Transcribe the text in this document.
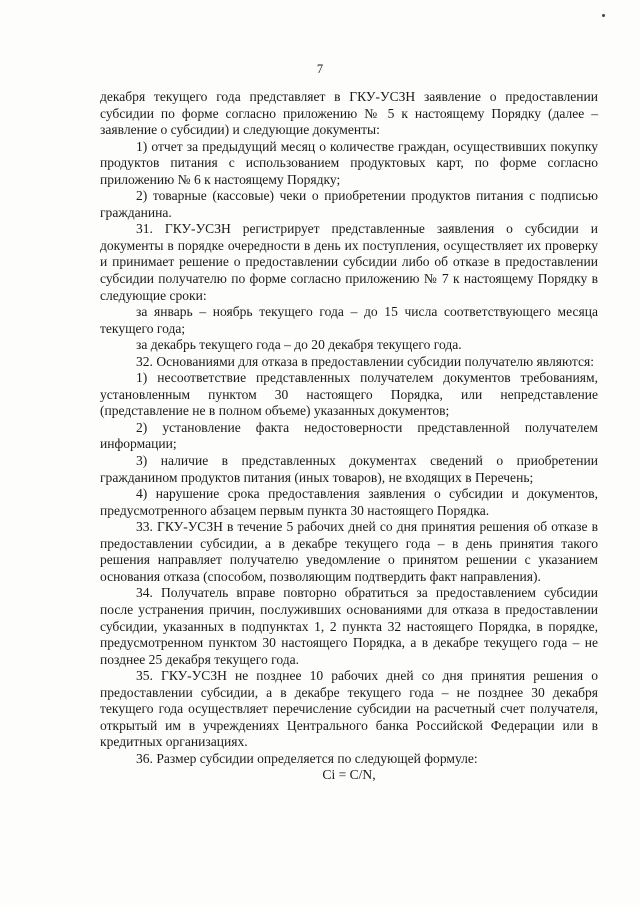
7

декабря текущего года представляет в ГКУ-УСЗН заявление о предоставлении субсидии по форме согласно приложению № 5 к настоящему Порядку (далее – заявление о субсидии) и следующие документы:

1) отчет за предыдущий месяц о количестве граждан, осуществивших покупку продуктов питания с использованием продуктовых карт, по форме согласно приложению № 6 к настоящему Порядку;

2) товарные (кассовые) чеки о приобретении продуктов питания с подписью гражданина.

31. ГКУ-УСЗН регистрирует представленные заявления о субсидии и документы в порядке очередности в день их поступления, осуществляет их проверку и принимает решение о предоставлении субсидии либо об отказе в предоставлении субсидии получателю по форме согласно приложению № 7 к настоящему Порядку в следующие сроки:

за январь – ноябрь текущего года – до 15 числа соответствующего месяца текущего года;

за декабрь текущего года – до 20 декабря текущего года.

32. Основаниями для отказа в предоставлении субсидии получателю являются:

1) несоответствие представленных получателем документов требованиям, установленным пунктом 30 настоящего Порядка, или непредставление (представление не в полном объеме) указанных документов;

2) установление факта недостоверности представленной получателем информации;

3) наличие в представленных документах сведений о приобретении гражданином продуктов питания (иных товаров), не входящих в Перечень;

4) нарушение срока предоставления заявления о субсидии и документов, предусмотренного абзацем первым пункта 30 настоящего Порядка.

33. ГКУ-УСЗН в течение 5 рабочих дней со дня принятия решения об отказе в предоставлении субсидии, а в декабре текущего года – в день принятия такого решения направляет получателю уведомление о принятом решении с указанием основания отказа (способом, позволяющим подтвердить факт направления).

34. Получатель вправе повторно обратиться за предоставлением субсидии после устранения причин, послуживших основаниями для отказа в предоставлении субсидии, указанных в подпунктах 1, 2 пункта 32 настоящего Порядка, в порядке, предусмотренном пунктом 30 настоящего Порядка, а в декабре текущего года – не позднее 25 декабря текущего года.

35. ГКУ-УСЗН не позднее 10 рабочих дней со дня принятия решения о предоставлении субсидии, а в декабре текущего года – не позднее 30 декабря текущего года осуществляет перечисление субсидии на расчетный счет получателя, открытый им в учреждениях Центрального банка Российской Федерации или в кредитных организациях.

36. Размер субсидии определяется по следующей формуле:

Ci = C/N,
